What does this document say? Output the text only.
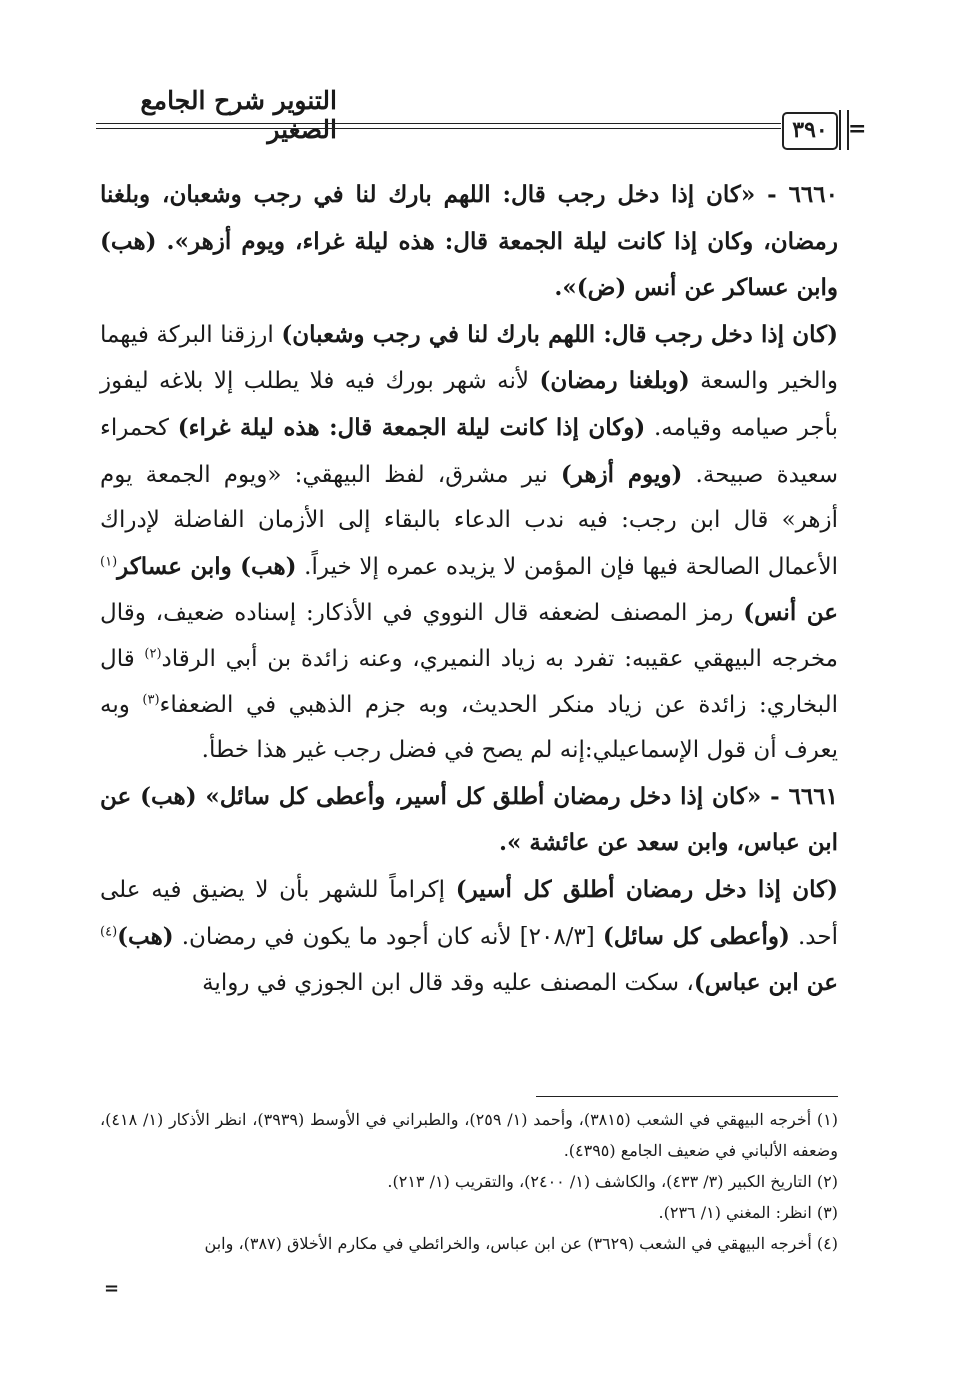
التنوير شرح الجامع الصغير	٣٩٠ =

٦٦٦٠ - «كان إذا دخل رجب قال: اللهم بارك لنا في رجب وشعبان، وبلغنا رمضان، وكان إذا كانت ليلة الجمعة قال: هذه ليلة غراء، ويوم أزهر». (هب) وابن عساكر عن أنس (ض)».

(كان إذا دخل رجب قال: اللهم بارك لنا في رجب وشعبان) ارزقنا البركة فيهما والخير والسعة (وبلغنا رمضان) لأنه شهر بورك فيه فلا يطلب إلا بلاغه ليفوز بأجر صيامه وقيامه. (وكان إذا كانت ليلة الجمعة قال: هذه ليلة غراء) كحمراء سعيدة صبيحة. (ويوم أزهر) نير مشرق، لفظ البيهقي: «ويوم الجمعة يوم أزهر» قال ابن رجب: فيه ندب الدعاء بالبقاء إلى الأزمان الفاضلة لإدراك الأعمال الصالحة فيها فإن المؤمن لا يزيده عمره إلا خيراً. (هب) وابن عساكر$^{(١)}$ عن أنس) رمز المصنف لضعفه قال النووي في الأذكار: إسناده ضعيف، وقال مخرجه البيهقي عقيبه: تفرد به زياد النميري، وعنه زائدة بن أبي الرقاد$^{(٢)}$ قال البخاري: زائدة عن زياد منكر الحديث، وبه جزم الذهبي في الضعفاء$^{(٣)}$ وبه يعرف أن قول الإسماعيلي:إنه لم يصح في فضل رجب غير هذا خطأ.

٦٦٦١ - «كان إذا دخل رمضان أطلق كل أسير، وأعطى كل سائل» (هب) عن ابن عباس، وابن سعد عن عائشة ».

(كان إذا دخل رمضان أطلق كل أسير) إكراماً للشهر بأن لا يضيق فيه على أحد. (وأعطى كل سائل) [٢٠٨/٣] لأنه كان أجود ما يكون في رمضان. (هب)$^{(٤)}$ عن ابن عباس)، سكت المصنف عليه وقد قال ابن الجوزي في رواية

(١) أخرجه البيهقي في الشعب (٣٨١٥)، وأحمد (١/ ٢٥٩)، والطبراني في الأوسط (٣٩٣٩)، انظر الأذكار (١/ ٤١٨)، وضعفه الألباني في ضعيف الجامع (٤٣٩٥).

(٢) التاريخ الكبير (٣/ ٤٣٣)، والكاشف (١/ ٢٤٠٠)، والتقريب (١/ ٢١٣).

(٣) انظر: المغني (١/ ٢٣٦).

(٤) أخرجه البيهقي في الشعب (٣٦٢٩) عن ابن عباس، والخرائطي في مكارم الأخلاق (٣٨٧)، وابن

=
